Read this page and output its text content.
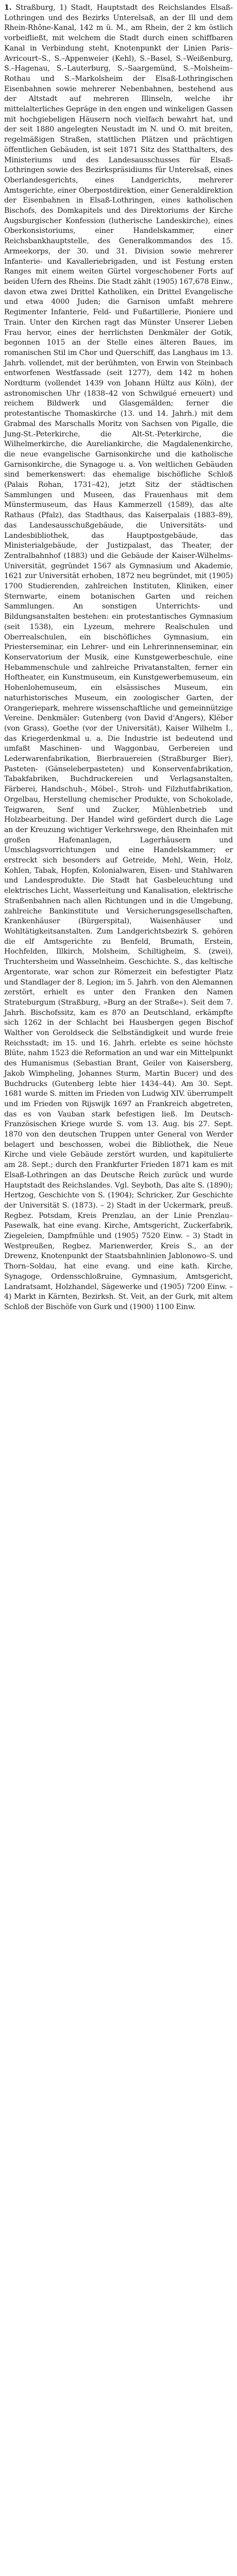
1. Straßburg, 1) Stadt, Hauptstadt des Reichslandes Elsaß-Lothringen und des Bezirks Unterelsaß, an der Ill und dem Rhein-Rhône-Kanal, 142 m ü. M., am Rhein, der 2 km östlich vorbeifließt, mit welchem die Stadt durch einen schiffbaren Kanal in Verbindung steht, Knotenpunkt der Linien Paris–Avricourt–S., S.–Appenweier (Kehl), S.–Basel, S.–Weißenburg, S.–Hagenau, S.–Lauterburg, S.–Saargemünd, S.–Molsheim–Rothau und S.–Markolsheim der Elsaß-Lothringischen Eisenbahnen sowie mehrerer Nebenbahnen, bestehend aus der Altstadt auf mehreren Illinseln, welche ihr mittelalterliches Gepräge in den engen und winkeligen Gassen mit hochgiebeligen Häusern noch vielfach bewahrt hat, und der seit 1880 angelegten Neustadt im N. und O. mit breiten, regelmäßigen Straßen, stattlichen Plätzen und prächtigen öffentlichen Gebäuden, ist seit 1871 Sitz des Statthalters, des Ministeriums und des Landesausschusses für Elsaß-Lothringen sowie des Bezirkspräsidiums für Unterelsaß, eines Oberlandesgerichts, eines Landgerichts, mehrerer Amtsgerichte, einer Oberpostdirektion, einer Generaldirektion der Eisenbahnen in Elsaß-Lothringen, eines katholischen Bischofs, des Domkapitels und des Direktoriums der Kirche Augsburgischer Konfession (lutherische Landeskirche), eines Oberkonsistoriums, einer Handelskammer, einer Reichsbankhauptstelle, des Generalkommandos des 15. Armeekorps, der 30. und 31. Division sowie mehrerer Infanterie- und Kavalleriebrigaden, und ist Festung ersten Ranges mit einem weiten Gürtel vorgeschobener Forts auf beiden Ufern des Rheins. Die Stadt zählt (1905) 167,678 Einw., davon etwa zwei Drittel Katholiken, ein Drittel Evangelische und etwa 4000 Juden; die Garnison umfaßt mehrere Regimenter Infanterie, Feld- und Fußartillerie, Pioniere und Train. Unter den Kirchen ragt das Münster Unserer Lieben Frau hervor, eines der herrlichsten Denkmäler der Gotik, begonnen 1015 an der Stelle eines älteren Baues, im romanischen Stil im Chor und Querschiff, das Langhaus im 13. Jahrh. vollendet, mit der berühmten, von Erwin von Steinbach entworfenen Westfassade (seit 1277), dem 142 m hohen Nordturm (vollendet 1439 von Johann Hültz aus Köln), der astronomischen Uhr (1838–42 von Schwilgué erneuert) und reichem Bildwerk und Glasgemälden; ferner die protestantische Thomaskirche (13. und 14. Jahrh.) mit dem Grabmal des Marschalls Moritz von Sachsen von Pigalle, die Jung-St.-Peterkirche, die Alt-St.-Peterkirche, die Wilhelmerkirche, die Aureliankirche, die Magdalenenkirche, die neue evangelische Garnisonkirche und die katholische Garnisonkirche, die Synagoge u. a. Von weltlichen Gebäuden sind bemerkenswert: das ehemalige bischöfliche Schloß (Palais Rohan, 1731–42), jetzt Sitz der städtischen Sammlungen und Museen, das Frauenhaus mit dem Münstermuseum, das Haus Kammerzell (1589), das alte Rathaus (Pfalz), das Stadthaus, das Kaiserpalais (1883–89), das Landesausschußgebäude, die Universitäts- und Landesbibliothek, das Hauptpostgebäude, das Ministerialgebäude, der Justizpalast, das Theater, der Zentralbahnhof (1883) und die Gebäude der Kaiser-Wilhelms-Universität, gegründet 1567 als Gymnasium und Akademie, 1621 zur Universität erhoben, 1872 neu begründet, mit (1905) 1700 Studierenden, zahlreichen Instituten, Kliniken, einer Sternwarte, einem botanischen Garten und reichen Sammlungen. An sonstigen Unterrichts- und Bildungsanstalten bestehen: ein protestantisches Gymnasium (seit 1538), ein Lyzeum, mehrere Realschulen und Oberrealschulen, ein bischöfliches Gymnasium, ein Priesterseminar, ein Lehrer- und ein Lehrerinnenseminar, ein Konservatorium der Musik, eine Kunstgewerbeschule, eine Hebammenschule und zahlreiche Privatanstalten, ferner ein Hoftheater, ein Kunstmuseum, ein Kunstgewerbemuseum, ein Hohenlohemuseum, ein elsässisches Museum, ein naturhistorisches Museum, ein zoologischer Garten, der Orangeriepark, mehrere wissenschaftliche und gemeinnützige Vereine. Denkmäler: Gutenberg (von David d'Angers), Kléber (von Grass), Goethe (vor der Universität), Kaiser Wilhelm I., das Kriegerdenkmal u. a. Die Industrie ist bedeutend und umfaßt Maschinen- und Waggonbau, Gerbereien und Lederwarenfabrikation, Bierbrauereien (Straßburger Bier), Pasteten- (Gänseleberpasteten) und Konservenfabrikation, Tabakfabriken, Buchdruckereien und Verlagsanstalten, Färberei, Handschuh-, Möbel-, Stroh- und Filzhutfabrikation, Orgelbau, Herstellung chemischer Produkte, von Schokolade, Teigwaren, Senf und Zucker, Mühlenbetrieb und Holzbearbeitung. Der Handel wird gefördert durch die Lage an der Kreuzung wichtiger Verkehrswege, den Rheinhafen mit großen Hafenanlagen, Lagerhäusern und Umschlagsvorrichtungen und eine Handelskammer; er erstreckt sich besonders auf Getreide, Mehl, Wein, Holz, Kohlen, Tabak, Hopfen, Kolonialwaren, Eisen- und Stahlwaren und Landesprodukte. Die Stadt hat Gasbeleuchtung und elektrisches Licht, Wasserleitung und Kanalisation, elektrische Straßenbahnen nach allen Richtungen und in die Umgebung, zahlreiche Bankinstitute und Versicherungsgesellschaften, Krankenhäuser (Bürgerspital), Waisenhäuser und Wohltätigkeitsanstalten. Zum Landgerichtsbezirk S. gehören die elf Amtsgerichte zu Benfeld, Brumath, Erstein, Hochfelden, Illkirch, Molsheim, Schiltigheim, S. (zwei), Truchtersheim und Wasselnheim. Geschichte. S., das keltische Argentorate, war schon zur Römerzeit ein befestigter Platz und Standlager der 8. Legion; im 5. Jahrh. von den Alemannen zerstört, erhielt es unter den Franken den Namen Strateburgum (Straßburg, »Burg an der Straße«). Seit dem 7. Jahrh. Bischofssitz, kam es 870 an Deutschland, erkämpfte sich 1262 in der Schlacht bei Hausbergen gegen Bischof Walther von Geroldseck die Selbständigkeit und wurde freie Reichsstadt; im 15. und 16. Jahrh. erlebte es seine höchste Blüte, nahm 1523 die Reformation an und war ein Mittelpunkt des Humanismus (Sebastian Brant, Geiler von Kaisersberg, Jakob Wimpheling, Johannes Sturm, Martin Bucer) und des Buchdrucks (Gutenberg lebte hier 1434–44). Am 30. Sept. 1681 wurde S. mitten im Frieden von Ludwig XIV. überrumpelt und im Frieden von Rijswijk 1697 an Frankreich abgetreten, das es von Vauban stark befestigen ließ. Im Deutsch-Französischen Kriege wurde S. vom 13. Aug. bis 27. Sept. 1870 von den deutschen Truppen unter General von Werder belagert und beschossen, wobei die Bibliothek, die Neue Kirche und viele Gebäude zerstört wurden, und kapitulierte am 28. Sept.; durch den Frankfurter Frieden 1871 kam es mit Elsaß-Lothringen an das Deutsche Reich zurück und wurde Hauptstadt des Reichslandes. Vgl. Seyboth, Das alte S. (1890); Hertzog, Geschichte von S. (1904); Schricker, Zur Geschichte der Universität S. (1873). – 2) Stadt in der Uckermark, preuß. Regbez. Potsdam, Kreis Prenzlau, an der Linie Prenzlau–Pasewalk, hat eine evang. Kirche, Amtsgericht, Zuckerfabrik, Ziegeleien, Dampfmühle und (1905) 7520 Einw. – 3) Stadt in Westpreußen, Regbez. Marienwerder, Kreis S., an der Drewenz, Knotenpunkt der Staatsbahnlinien Jablonowo–S. und Thorn–Soldau, hat eine evang. und eine kath. Kirche, Synagoge, Ordensschloßruine, Gymnasium, Amtsgericht, Landratsamt, Holzhandel, Sägewerke und (1905) 7200 Einw. – 4) Markt in Kärnten, Bezirksh. St. Veit, an der Gurk, mit altem Schloß der Bischöfe von Gurk und (1900) 1100 Einw.
